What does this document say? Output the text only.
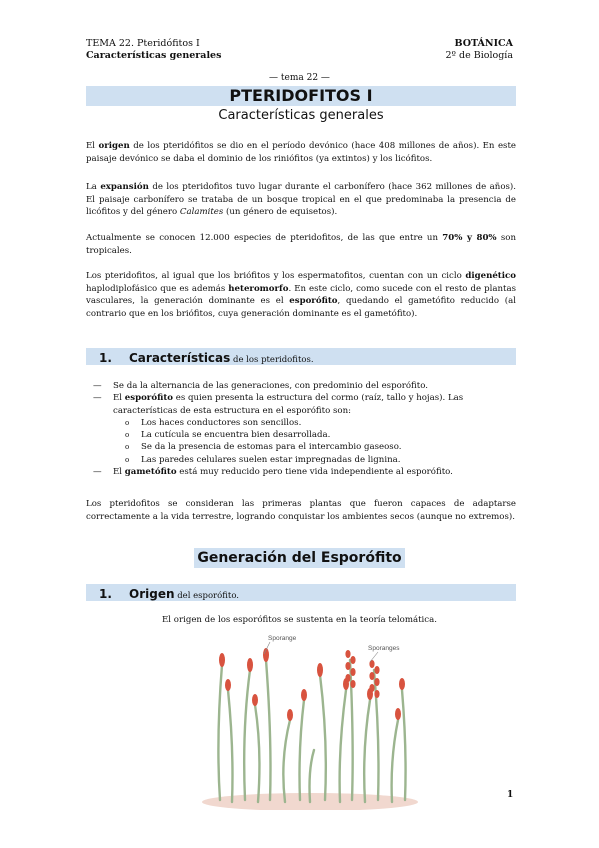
TEMA 22. Pteridófitos I
Características generales
BOTÁNICA
2º de Biología
— tema 22 —
PTERIDOFITOS I
Características generales
El origen de los pteridófitos se dio en el período devónico (hace 408 millones de años). En este paisaje devónico se daba el dominio de los riniófitos (ya extintos) y los licófitos.
La expansión de los pteridofitos tuvo lugar durante el carbonífero (hace 362 millones de años). El paisaje carbonífero se trataba de un bosque tropical en el que predominaba la presencia de licófitos y del género Calamites (un género de equisetos).
Actualmente se conocen 12.000 especies de pteridofitos, de las que entre un 70% y 80% son tropicales.
Los pteridofitos, al igual que los briófitos y los espermatofitos, cuentan con un ciclo digenético haplodiplofásico que es además heteromorfo. En este ciclo, como sucede con el resto de plantas vasculares, la generación dominante es el esporófito, quedando el gametófito reducido (al contrario que en los briófitos, cuya generación dominante es el gametófito).
1. Características de los pteridofitos.
— Se da la alternancia de las generaciones, con predominio del esporófito.
— El esporófito es quien presenta la estructura del cormo (raíz, tallo y hojas). Las características de esta estructura en el esporófito son:
o Los haces conductores son sencillos.
o La cutícula se encuentra bien desarrollada.
o Se da la presencia de estomas para el intercambio gaseoso.
o Las paredes celulares suelen estar impregnadas de lignina.
— El gametófito está muy reducido pero tiene vida independiente al esporófito.
Los pteridofitos se consideran las primeras plantas que fueron capaces de adaptarse correctamente a la vida terrestre, logrando conquistar los ambientes secos (aunque no extremos).
Generación del Esporófito
1. Origen del esporófito.
El origen de los esporófitos se sustenta en la teoría telomática.
Sporange
Sporanges
1
